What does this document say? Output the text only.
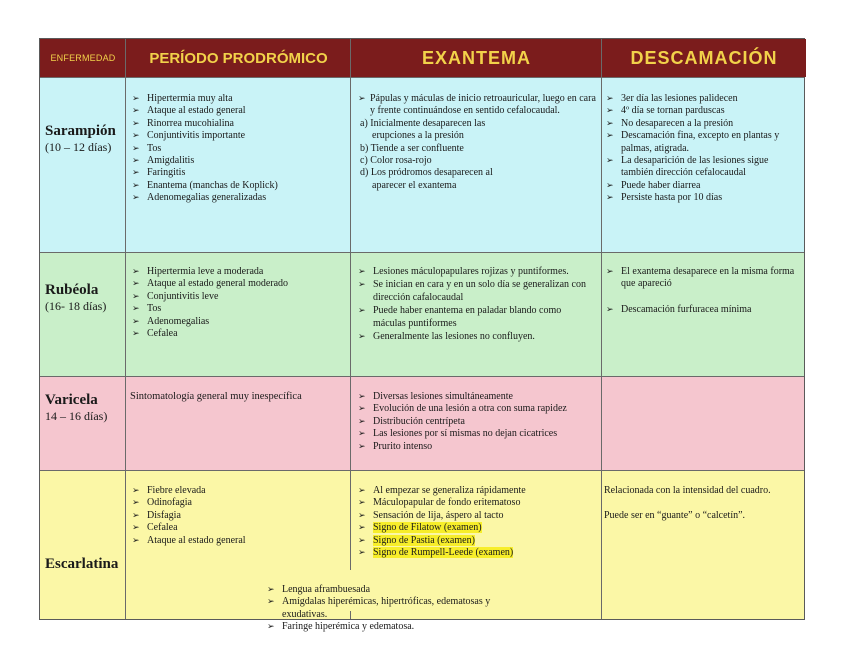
ENFERMEDAD	PERÍODO PRODRÓMICO	EXANTEMA	DESCAMACIÓN
Sarampión
(10 – 12 días)
➢ Hipertermia muy alta
➢ Ataque al estado general
➢ Rinorrea mucohialina
➢ Conjuntivitis importante
➢ Tos
➢ Amigdalitis
➢ Faringitis
➢ Enantema (manchas de Koplick)
➢ Adenomegalias generalizadas
➢ Pápulas y máculas de inicio retroauricular, luego en cara y frente continuándose en sentido cefalocaudal.
a) Inicialmente desaparecen las
erupciones a la presión
b) Tiende a ser confluente
c) Color rosa-rojo
d) Los pródromos desaparecen al
aparecer el exantema
➢ 3er día las lesiones palidecen
➢ 4º día se tornan parduscas
➢ No desaparecen a la presión
➢ Descamación fina, excepto en plantas y palmas, atigrada.
➢ La desaparición de las lesiones sigue también dirección cefalocaudal
➢ Puede haber diarrea
➢ Persiste hasta por 10 días
Rubéola
(16- 18 días)
➢ Hipertermia leve a moderada
➢ Ataque al estado general moderado
➢ Conjuntivitis leve
➢ Tos
➢ Adenomegalias
➢ Cefalea
➢ Lesiones máculopapulares rojizas y puntiformes.
➢ Se inician en cara y en un solo día se generalizan con dirección cafalocaudal
➢ Puede haber enantema en paladar blando como máculas puntiformes
➢ Generalmente las lesiones no confluyen.
➢ El exantema desaparece en la misma forma que apareció
➢ Descamación furfuracea mínima
Varicela
14 – 16 días)
Sintomatología general muy inespecífica
➢	Diversas lesiones simultáneamente
➢ Evolución de una lesión a otra con suma rapidez
➢ Distribución centrípeta
➢ Las lesiones por sí mismas no dejan cicatrices
➢ Prurito intenso
Escarlatina
➢ Fiebre elevada
➢ Odinofagia
➢ Disfagia
➢ Cefalea
➢ Ataque al estado general
➢ Al empezar se generaliza rápidamente
➢ Máculopapular de fondo eritematoso
➢ Sensación de lija, áspero al tacto
➢ Signo de Filatow (examen)
➢ Signo de Pastia (examen)
➢ Signo de Rumpell-Leede (examen)
Relacionada con la intensidad del cuadro.
Puede ser en “guante” o “calcetín”.
➢ Lengua aframbuesada
➢ Amígdalas hiperémicas, hipertróficas, edematosas y exudativas.
➢ Faringe hiperémica y edematosa.
